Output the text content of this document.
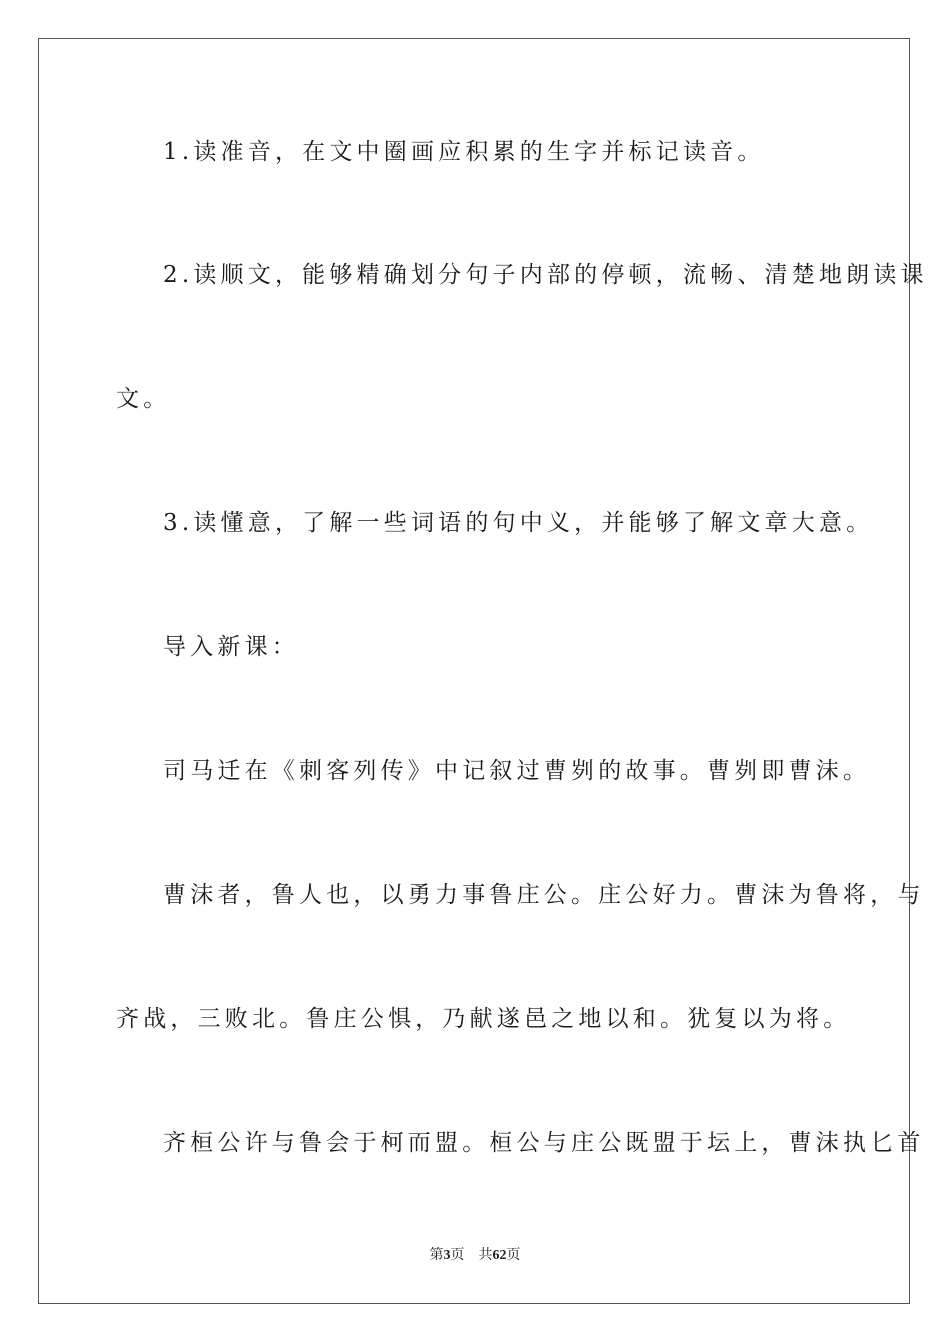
1.读准音，在文中圈画应积累的生字并标记读音。
2.读顺文，能够精确划分句子内部的停顿，流畅、清楚地朗读课
文。
3.读懂意，了解一些词语的句中义，并能够了解文章大意。
导入新课：
司马迁在《刺客列传》中记叙过曹刿的故事。曹刿即曹沫。
曹沫者，鲁人也，以勇力事鲁庄公。庄公好力。曹沫为鲁将，与
齐战，三败北。鲁庄公惧，乃献遂邑之地以和。犹复以为将。
齐桓公许与鲁会于柯而盟。桓公与庄公既盟于坛上，曹沫执匕首
第3页 共62页
